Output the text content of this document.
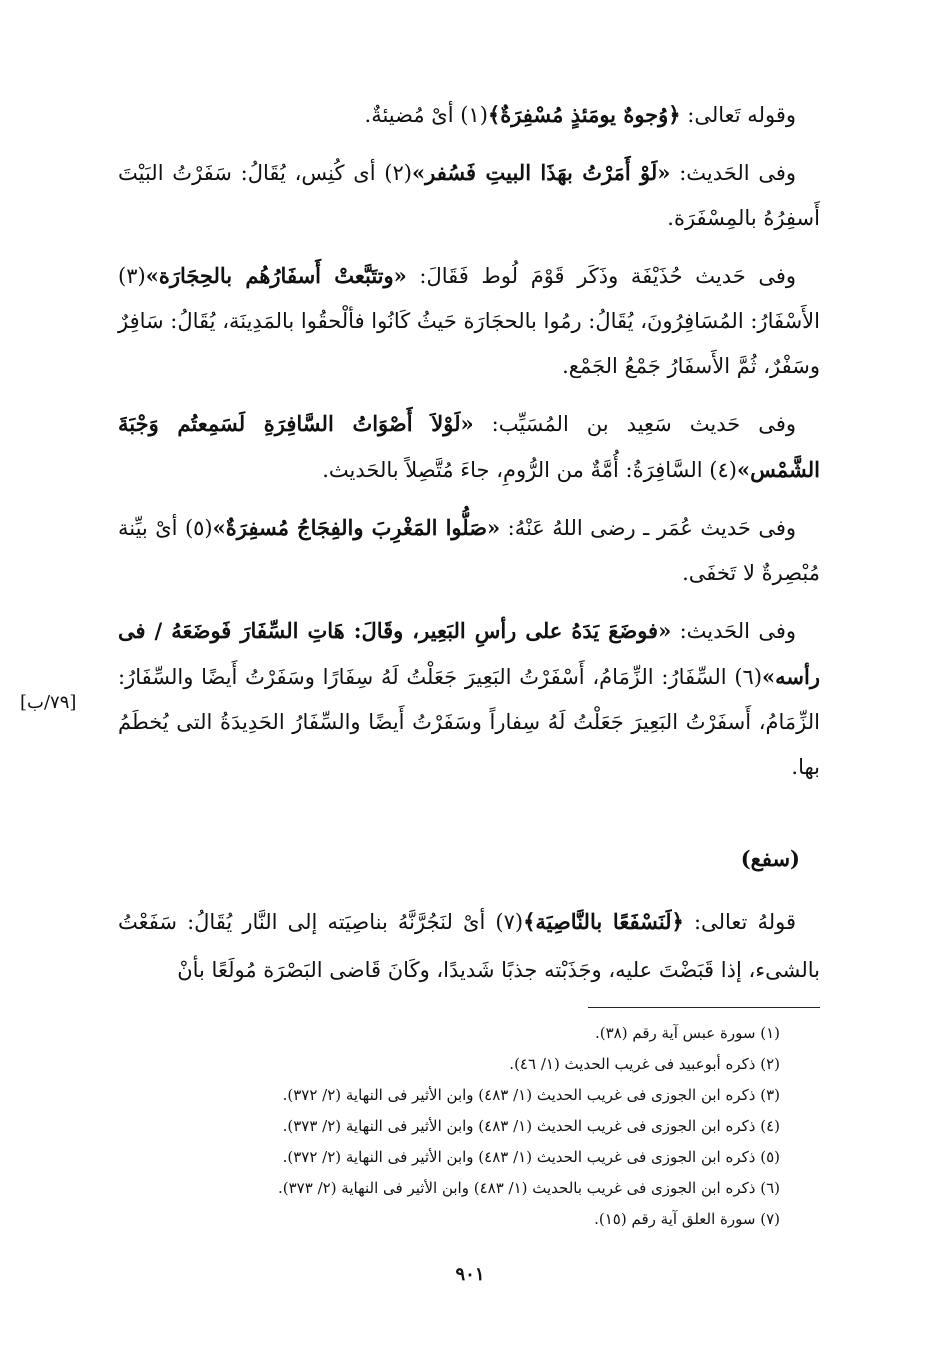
وقوله تَعالى: ﴿وُجوهٌ يومَئذٍ مُسْفِرَةٌ﴾(١) أىْ مُضيئةٌ.

وفى الحَديث: «لَوْ أَمَرْتُ بهَذَا البيتِ فَسُفر»(٢) أى كُنِس، يُقَالُ: سَفَرْتُ البَيْتَ أَسفِرُهُ بالمِسْفَرَة.

وفى حَديث حُذَيْفَة وذَكَر قَوْمَ لُوط فَقَالَ: «وتتَبَّعتْ أَسفَارُهُم بالحِجَارَة»(٣) الأَسْفَارُ: المُسَافِرُونَ، يُقَالُ: رمُوا بالحجَارَة حَيثُ كَانُوا فألْحقُوا بالمَدِينَة، يُقَالُ: سَافِرٌ وسَفْرٌ، ثُمَّ الأَسفَارُ جَمْعُ الجَمْع.

وفى حَديث سَعِيد بن المُسَيِّب: «لَوْلاَ أَصْوَاتُ السَّافِرَةِ لَسَمِعتُم وَجْبَةَ الشَّمْس»(٤) السَّافِرَةُ: أُمَّةٌ من الرُّومِ، جاءَ مُتَّصِلاً بالحَديث.

وفى حَديث عُمَر ـ رضى اللهُ عَنْهُ: «صَلُّوا المَغْرِبَ والفِجَاجُ مُسفِرَةٌ»(٥) أىْ بيِّنة مُبْصِرةٌ لا تَخفَى.

وفى الحَديث: «فوضَعَ يَدَهُ على رأسِ البَعِير، وقَالَ: هَاتِ السِّفَارَ فَوضَعَهُ / فى رأسه»(٦) السِّفَارُ: الزِّمَامُ، أَسْفَرْتُ البَعِيرَ جَعَلْتُ لَهُ سِفَارًا وسَفَرْتُ أَيضًا والسِّفَارُ: الزِّمَامُ، أَسفَرْتُ البَعِيرَ جَعَلْتُ لَهُ سِفاراً وسَفَرْتُ أَيضًا والسِّفَارُ الحَدِيدَةُ التى يُخطَمُ بها.

[٧٩/ب]
(سفع)

قولهُ تعالى: ﴿لَنَسْفَعًا بالنَّاصِيَة﴾(٧) أىْ لنَجُرَّنَّهُ بناصِيَته إلى النَّار يُقَالُ: سَفَعْتُ بالشىء، إذا قَبَضْتَ عليه، وجَذَبْته جذبًا شَديدًا، وكَانَ قَاضى البَصْرَة مُولَعًا بأنْ

(١) سورة عبس آية رقم (٣٨).
(٢) ذكره أبوعبيد فى غريب الحديث (١/ ٤٦).
(٣) ذكره ابن الجوزى فى غريب الحديث (١/ ٤٨٣) وابن الأثير فى النهاية (٢/ ٣٧٢).
(٤) ذكره ابن الجوزى فى غريب الحديث (١/ ٤٨٣) وابن الأثير فى النهاية (٢/ ٣٧٣).
(٥) ذكره ابن الجوزى فى غريب الحديث (١/ ٤٨٣) وابن الأثير فى النهاية (٢/ ٣٧٢).
(٦) ذكره ابن الجوزى فى غريب بالحديث (١/ ٤٨٣) وابن الأثير فى النهاية (٢/ ٣٧٣).
(٧) سورة العلق آية رقم (١٥).
٩٠١
